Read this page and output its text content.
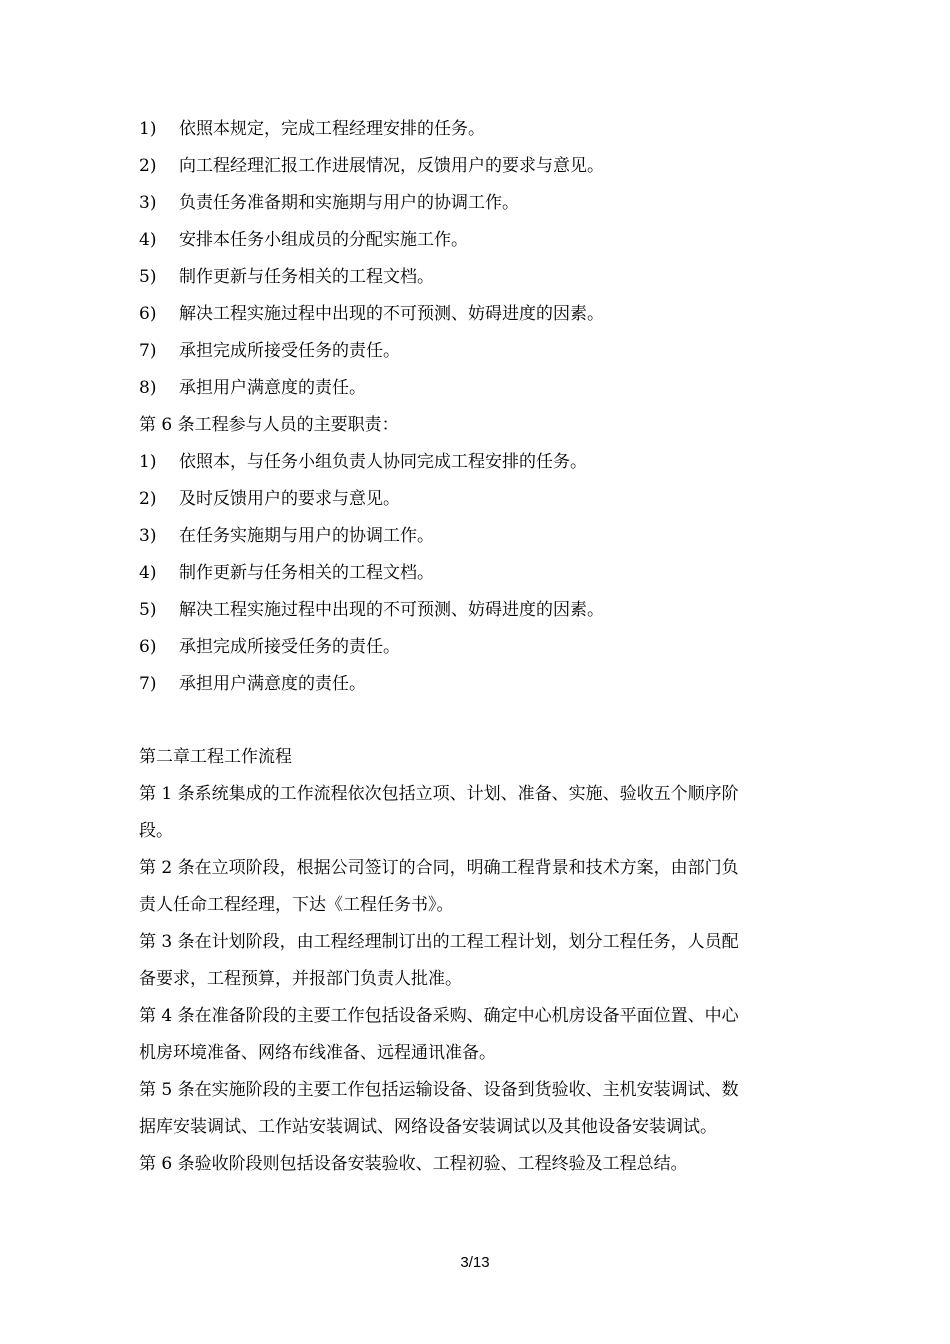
1) 依照本规定，完成工程经理安排的任务。
2) 向工程经理汇报工作进展情况，反馈用户的要求与意见。
3) 负责任务准备期和实施期与用户的协调工作。
4) 安排本任务小组成员的分配实施工作。
5) 制作更新与任务相关的工程文档。
6) 解决工程实施过程中出现的不可预测、妨碍进度的因素。
7) 承担完成所接受任务的责任。
8) 承担用户满意度的责任。
第 6 条工程参与人员的主要职责：
1) 依照本，与任务小组负责人协同完成工程安排的任务。
2) 及时反馈用户的要求与意见。
3) 在任务实施期与用户的协调工作。
4) 制作更新与任务相关的工程文档。
5) 解决工程实施过程中出现的不可预测、妨碍进度的因素。
6) 承担完成所接受任务的责任。
7) 承担用户满意度的责任。
第二章工程工作流程
第 1 条系统集成的工作流程依次包括立项、计划、准备、实施、验收五个顺序阶
段。
第 2 条在立项阶段，根据公司签订的合同，明确工程背景和技术方案，由部门负
责人任命工程经理，下达《工程任务书》。
第 3 条在计划阶段，由工程经理制订出的工程工程计划，划分工程任务，人员配
备要求，工程预算，并报部门负责人批准。
第 4 条在准备阶段的主要工作包括设备采购、确定中心机房设备平面位置、中心
机房环境准备、网络布线准备、远程通讯准备。
第 5 条在实施阶段的主要工作包括运输设备、设备到货验收、主机安装调试、数
据库安装调试、工作站安装调试、网络设备安装调试以及其他设备安装调试。
第 6 条验收阶段则包括设备安装验收、工程初验、工程终验及工程总结。
3/13
